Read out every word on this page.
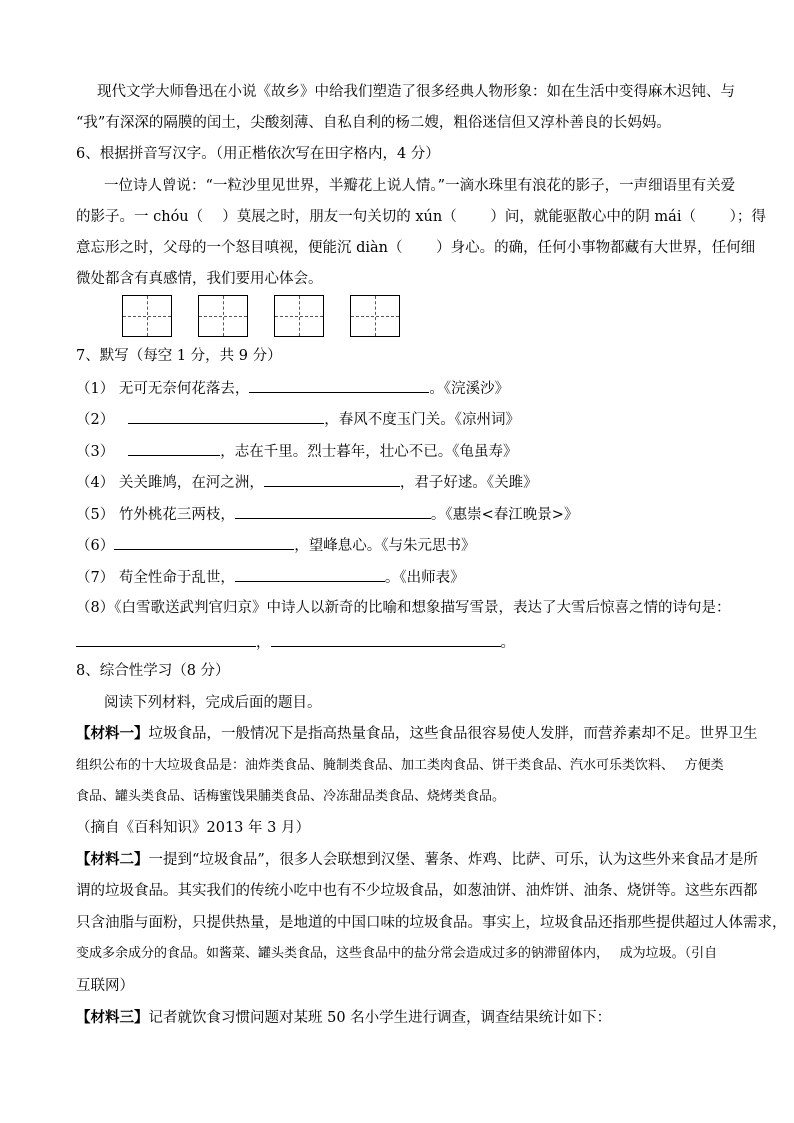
现代文学大师鲁迅在小说《故乡》中给我们塑造了很多经典人物形象：如在生活中变得麻木迟钝、与
“我”有深深的隔膜的闰土，尖酸刻薄、自私自利的杨二嫂，粗俗迷信但又淳朴善良的长妈妈。
6、根据拼音写汉字。（用正楷依次写在田字格内，4 分）
一位诗人曾说：“一粒沙里见世界，半瓣花上说人情。”一滴水珠里有浪花的影子，一声细语里有关爱
的影子。一 chóu（　 ）莫展之时，朋友一句关切的 xún（　　 ）问，就能驱散心中的阴 mái（　　 ）；得
意忘形之时，父母的一个怒目嗔视，便能沉 diàn（　　 ）身心。的确，任何小事物都藏有大世界，任何细
微处都含有真感情，我们要用心体会。
7、默写（每空 1 分，共 9 分）
（1） 无可无奈何花落去，	。《浣溪沙》
（2）	，春风不度玉门关。《凉州词》
（3）	，志在千里。烈士暮年，壮心不已。《龟虽寿》
（4） 关关雎鸠，在河之洲，	，君子好逑。《关雎》
（5） 竹外桃花三两枝，	。《惠崇<春江晚景>》
（6）	，望峰息心。《与朱元思书》
（7） 苟全性命于乱世，	。《出师表》
（8）《白雪歌送武判官归京》中诗人以新奇的比喻和想象描写雪景，表达了大雪后惊喜之情的诗句是：
，	。
8、综合性学习（8 分）
阅读下列材料，完成后面的题目。
【材料一】垃圾食品，一般情况下是指高热量食品，这些食品很容易使人发胖，而营养素却不足。世界卫生
组织公布的十大垃圾食品是：油炸类食品、腌制类食品、加工类肉食品、饼干类食品、汽水可乐类饮料、　 方便类
食品、罐头类食品、话梅蜜饯果脯类食品、冷冻甜品类食品、烧烤类食品。
（摘自《百科知识》2013 年 3 月）
【材料二】一提到“垃圾食品”，很多人会联想到汉堡、薯条、炸鸡、比萨、可乐，认为这些外来食品才是所
谓的垃圾食品。其实我们的传统小吃中也有不少垃圾食品，如葱油饼、油炸饼、油条、烧饼等。这些东西都
只含油脂与面粉，只提供热量，是地道的中国口味的垃圾食品。事实上，垃圾食品还指那些提供超过人体需求，
变成多余成分的食品。如酱菜、罐头类食品，这些食品中的盐分常会造成过多的钠滞留体内，　 成为垃圾。（引自
互联网）
【材料三】记者就饮食习惯问题对某班 50 名小学生进行调查，调查结果统计如下：
